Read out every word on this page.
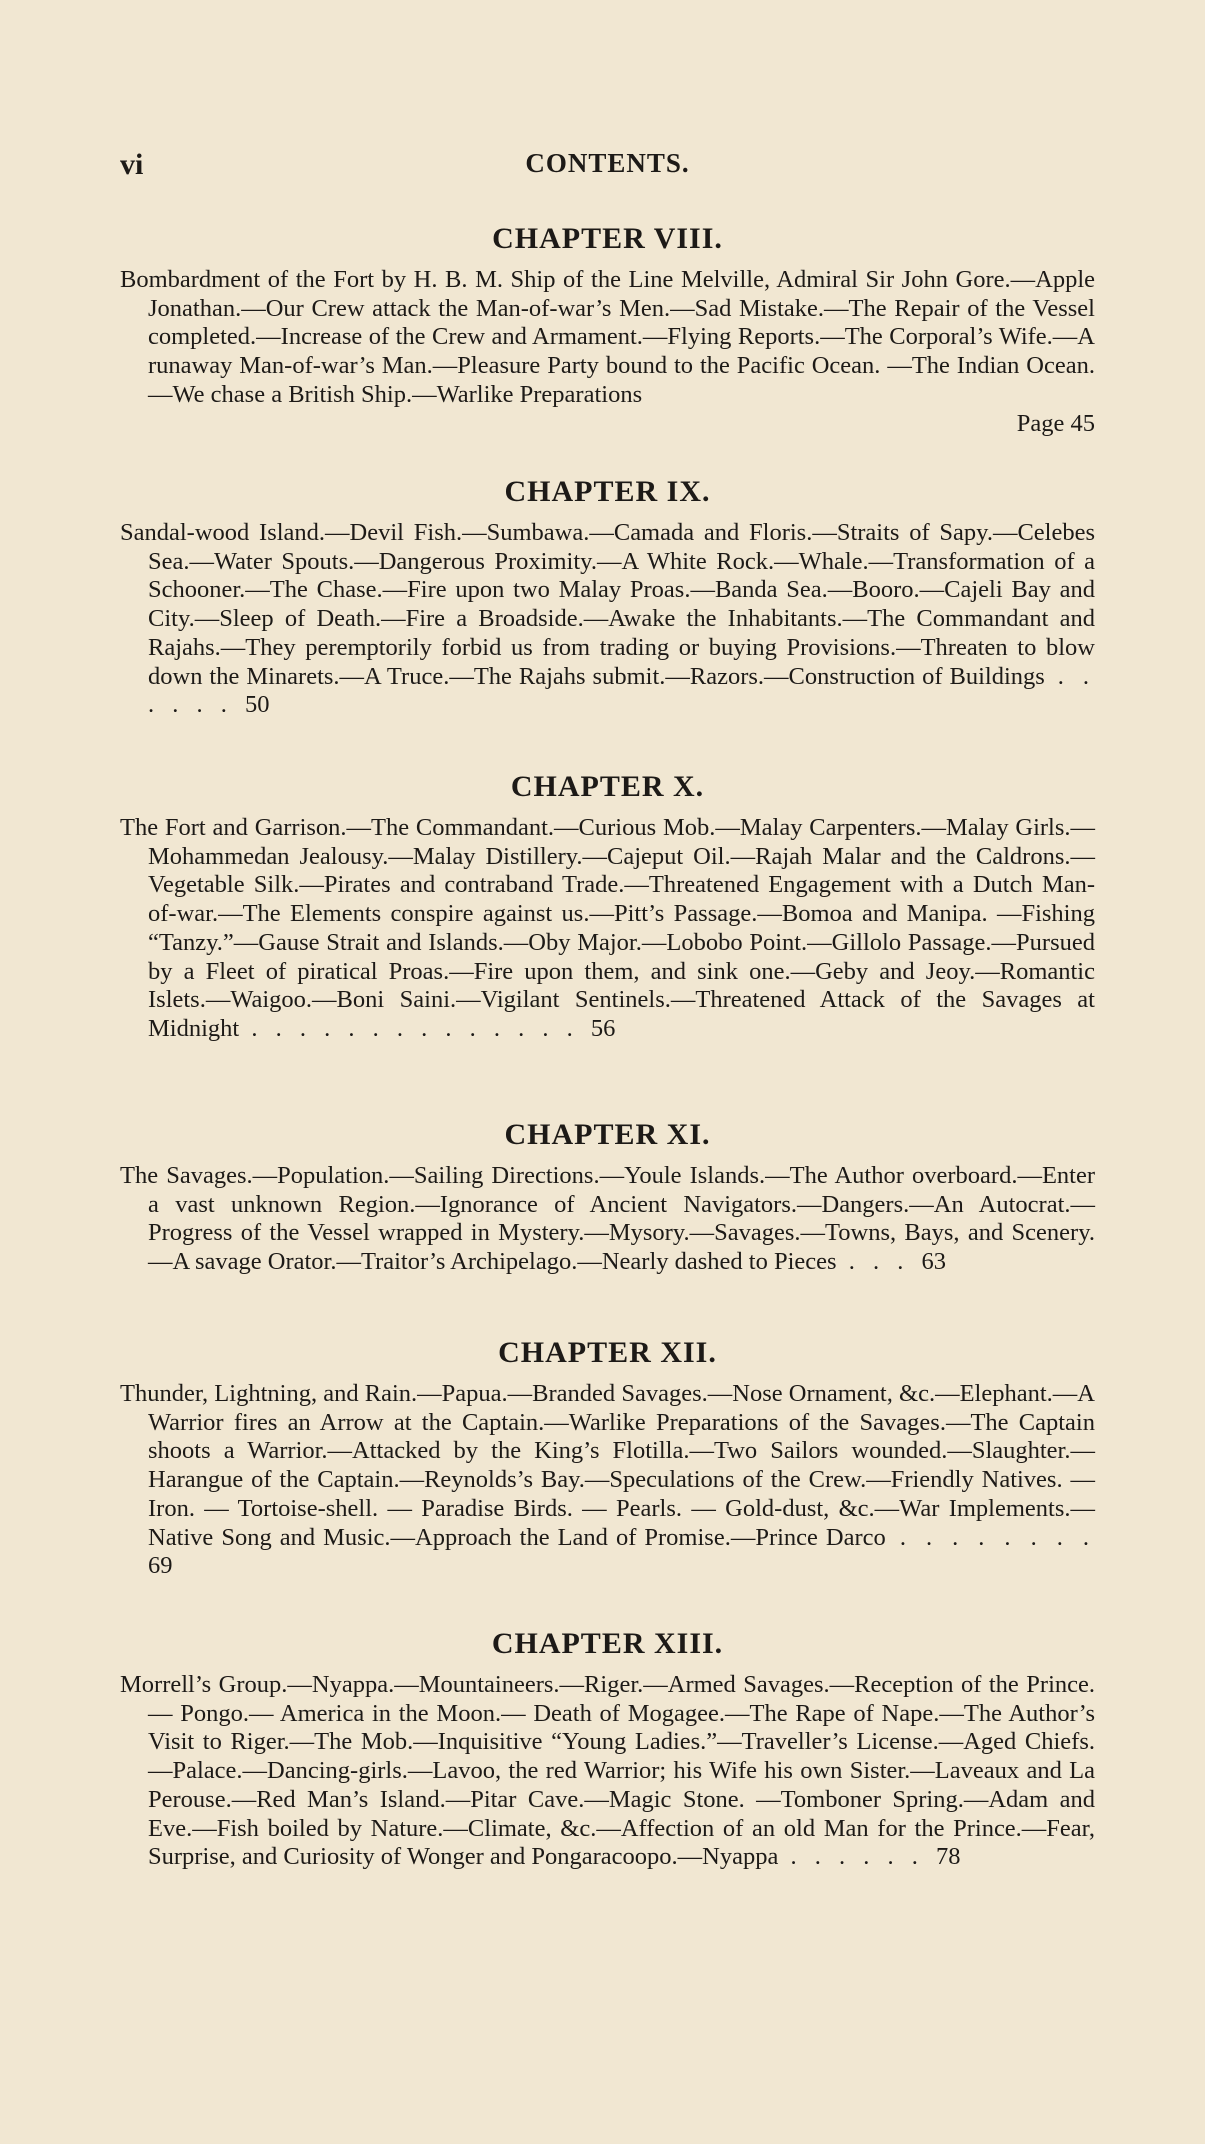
vi	CONTENTS.
CHAPTER VIII.

Bombardment of the Fort by H. B. M. Ship of the Line Melville, Admiral Sir John Gore.—Apple Jonathan.—Our Crew attack the Man-of-war’s Men.—Sad Mistake.—The Repair of the Vessel completed.—Increase of the Crew and Armament.—Flying Reports.—The Corporal’s Wife.—A runaway Man-of-war’s Man.—Pleasure Party bound to the Pacific Ocean. —The Indian Ocean.—We chase a British Ship.—Warlike Preparations

Page 45

CHAPTER IX.

Sandal-wood Island.—Devil Fish.—Sumbawa.—Camada and Floris.—Straits of Sapy.—Celebes Sea.—Water Spouts.—Dangerous Proximity.—A White Rock.—Whale.—Transformation of a Schooner.—The Chase.—Fire upon two Malay Proas.—Banda Sea.—Booro.—Cajeli Bay and City.—Sleep of Death.—Fire a Broadside.—Awake the Inhabitants.—The Commandant and Rajahs.—They peremptorily forbid us from trading or buying Provisions.—Threaten to blow down the Minarets.—A Truce.—The Rajahs submit.—Razors.—Construction of Buildings . . . . . . 50

CHAPTER X.

The Fort and Garrison.—The Commandant.—Curious Mob.—Malay Carpenters.—Malay Girls.—Mohammedan Jealousy.—Malay Distillery.—Cajeput Oil.—Rajah Malar and the Caldrons.—Vegetable Silk.—Pirates and contraband Trade.—Threatened Engagement with a Dutch Man-of-war.—The Elements conspire against us.—Pitt’s Passage.—Bomoa and Manipa. —Fishing “Tanzy.”—Gause Strait and Islands.—Oby Major.—Lobobo Point.—Gillolo Passage.—Pursued by a Fleet of piratical Proas.—Fire upon them, and sink one.—Geby and Jeoy.—Romantic Islets.—Waigoo.—Boni Saini.—Vigilant Sentinels.—Threatened Attack of the Savages at Midnight . . . . . . . . . . . . . . 56

CHAPTER XI.

The Savages.—Population.—Sailing Directions.—Youle Islands.—The Author overboard.—Enter a vast unknown Region.—Ignorance of Ancient Navigators.—Dangers.—An Autocrat.—Progress of the Vessel wrapped in Mystery.—Mysory.—Savages.—Towns, Bays, and Scenery.—A savage Orator.—Traitor’s Archipelago.—Nearly dashed to Pieces . . . 63

CHAPTER XII.

Thunder, Lightning, and Rain.—Papua.—Branded Savages.—Nose Ornament, &c.—Elephant.—A Warrior fires an Arrow at the Captain.—Warlike Preparations of the Savages.—The Captain shoots a Warrior.—Attacked by the King’s Flotilla.—Two Sailors wounded.—Slaughter.—Harangue of the Captain.—Reynolds’s Bay.—Speculations of the Crew.—Friendly Natives. — Iron. — Tortoise-shell. — Paradise Birds. — Pearls. — Gold-dust, &c.—War Implements.—Native Song and Music.—Approach the Land of Promise.—Prince Darco . . . . . . . . 69

CHAPTER XIII.

Morrell’s Group.—Nyappa.—Mountaineers.—Riger.—Armed Savages.—Reception of the Prince.— Pongo.— America in the Moon.— Death of Mogagee.—The Rape of Nape.—The Author’s Visit to Riger.—The Mob.—Inquisitive “Young Ladies.”—Traveller’s License.—Aged Chiefs.—Palace.—Dancing-girls.—Lavoo, the red Warrior; his Wife his own Sister.—Laveaux and La Perouse.—Red Man’s Island.—Pitar Cave.—Magic Stone. —Tomboner Spring.—Adam and Eve.—Fish boiled by Nature.—Climate, &c.—Affection of an old Man for the Prince.—Fear, Surprise, and Curiosity of Wonger and Pongaracoopo.—Nyappa . . . . . . 78
